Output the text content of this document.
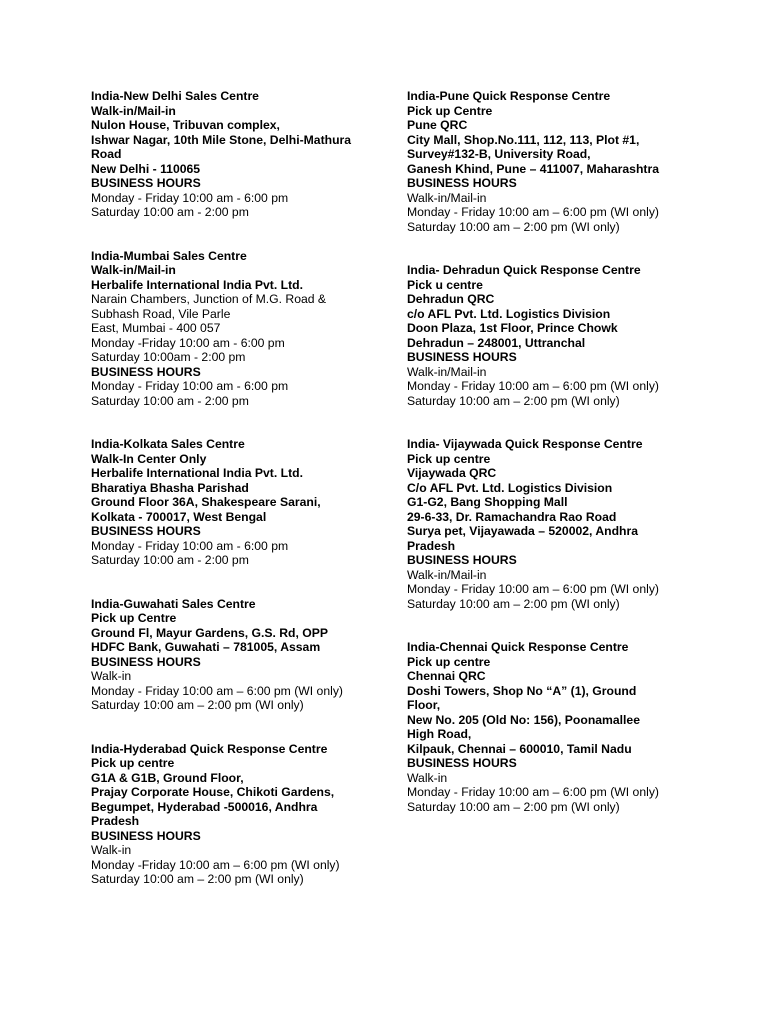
India-New Delhi Sales Centre
Walk-in/Mail-in
Nulon House, Tribuvan complex,
Ishwar Nagar, 10th Mile Stone, Delhi-Mathura
Road
New Delhi - 110065
BUSINESS HOURS
Monday - Friday 10:00 am - 6:00 pm
Saturday 10:00 am - 2:00 pm
India-Mumbai Sales Centre
Walk-in/Mail-in
Herbalife International India Pvt. Ltd.
Narain Chambers, Junction of M.G. Road &
Subhash Road, Vile Parle
East, Mumbai - 400 057
Monday -Friday 10:00 am - 6:00 pm
Saturday 10:00am - 2:00 pm
BUSINESS HOURS
Monday - Friday 10:00 am - 6:00 pm
Saturday 10:00 am - 2:00 pm
India-Kolkata Sales Centre
Walk-In Center Only
Herbalife International India Pvt. Ltd.
Bharatiya Bhasha Parishad
Ground Floor 36A, Shakespeare Sarani,
Kolkata - 700017, West Bengal
BUSINESS HOURS
Monday - Friday 10:00 am - 6:00 pm
Saturday 10:00 am - 2:00 pm
India-Guwahati Sales Centre
Pick up Centre
Ground Fl, Mayur Gardens, G.S. Rd, OPP
HDFC Bank, Guwahati – 781005, Assam
BUSINESS HOURS
Walk-in
Monday - Friday 10:00 am – 6:00 pm (WI only)
Saturday 10:00 am – 2:00 pm (WI only)
India-Hyderabad Quick Response Centre
Pick up centre
G1A & G1B, Ground Floor,
Prajay Corporate House, Chikoti Gardens,
Begumpet, Hyderabad -500016, Andhra
Pradesh
BUSINESS HOURS
Walk-in
Monday -Friday 10:00 am – 6:00 pm (WI only)
Saturday 10:00 am – 2:00 pm (WI only)
India-Pune Quick Response Centre
Pick up Centre
Pune QRC
City Mall, Shop.No.111, 112, 113, Plot #1,
Survey#132-B, University Road,
Ganesh Khind, Pune – 411007, Maharashtra
BUSINESS HOURS
Walk-in/Mail-in
Monday - Friday 10:00 am – 6:00 pm (WI only)
Saturday 10:00 am – 2:00 pm (WI only)
India- Dehradun Quick Response Centre
Pick u centre
Dehradun QRC
c/o AFL Pvt. Ltd. Logistics Division
Doon Plaza, 1st Floor, Prince Chowk
Dehradun – 248001, Uttranchal
BUSINESS HOURS
Walk-in/Mail-in
Monday - Friday 10:00 am – 6:00 pm (WI only)
Saturday 10:00 am – 2:00 pm (WI only)
India- Vijaywada Quick Response Centre
Pick up centre
Vijaywada QRC
C/o AFL Pvt. Ltd. Logistics Division
G1-G2, Bang Shopping Mall
29-6-33, Dr. Ramachandra Rao Road
Surya pet, Vijayawada – 520002, Andhra
Pradesh
BUSINESS HOURS
Walk-in/Mail-in
Monday - Friday 10:00 am – 6:00 pm (WI only)
Saturday 10:00 am – 2:00 pm (WI only)
India-Chennai Quick Response Centre
Pick up centre
Chennai QRC
Doshi Towers, Shop No “A” (1), Ground
Floor,
New No. 205 (Old No: 156), Poonamallee
High Road,
Kilpauk, Chennai – 600010, Tamil Nadu
BUSINESS HOURS
Walk-in
Monday - Friday 10:00 am – 6:00 pm (WI only)
Saturday 10:00 am – 2:00 pm (WI only)
